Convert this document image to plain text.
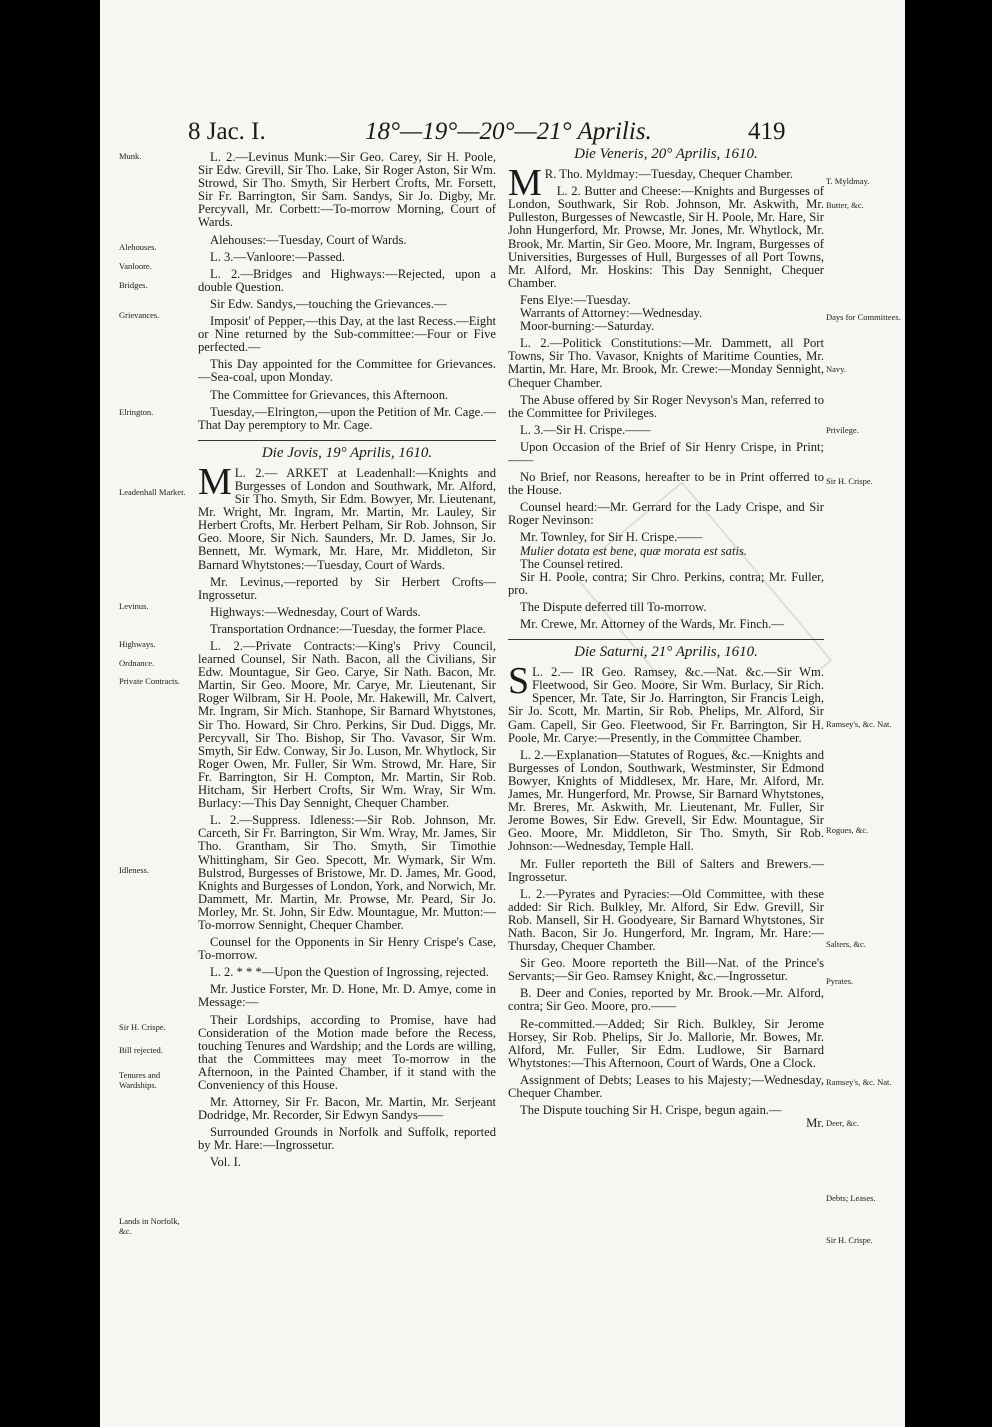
8 Jac. I.	18°—19°—20°—21° Aprilis.	419
Munk.
Alehouses.
Vanloore.
Bridges.
Grievances.
Elrington.
Leadenhall Market.
Levinus.
Highways.
Ordnance.
Private Contracts.
Idleness.
Sir H. Crispe.
Bill rejected.
Tenures and Wardships.
Lands in Norfolk, &c.
T. Myldmay.
Butter, &c.
Days for Committees.
Navy.
Privilege.
Sir H. Crispe.
Ramsey's, &c. Nat.
Rogues, &c.
Salters, &c.
Pyrates.
Ramsey's, &c. Nat.
Deer, &c.
Debts; Leases.
Sir H. Crispe.

L. 2.—Levinus Munk:—Sir Geo. Carey, Sir H. Poole, Sir Edw. Grevill, Sir Tho. Lake, Sir Roger Aston, Sir Wm. Strowd, Sir Tho. Smyth, Sir Herbert Crofts, Mr. Forsett, Sir Fr. Barrington, Sir Sam. Sandys, Sir Jo. Digby, Mr. Percyvall, Mr. Corbett:—To-morrow Morning, Court of Wards.

Alehouses:—Tuesday, Court of Wards.

L. 3.—Vanloore:—Passed.

L. 2.—Bridges and Highways:—Rejected, upon a double Question.

Sir Edw. Sandys,—touching the Grievances.—

Imposit' of Pepper,—this Day, at the last Recess.—Eight or Nine returned by the Sub-committee:—Four or Five perfected.—

This Day appointed for the Committee for Grievances.—Sea-coal, upon Monday.

The Committee for Grievances, this Afternoon.

Tuesday,—Elrington,—upon the Petition of Mr. Cage.—That Day peremptory to Mr. Cage.

Die Jovis, 19° Aprilis, 1610.

M L. 2.— ARKET at Leadenhall:—Knights and Burgesses of London and Southwark, Mr. Alford, Sir Tho. Smyth, Sir Edm. Bowyer, Mr. Lieutenant, Mr. Wright, Mr. Ingram, Mr. Martin, Mr. Lauley, Sir Herbert Crofts, Mr. Herbert Pelham, Sir Rob. Johnson, Sir Geo. Moore, Sir Nich. Saunders, Mr. D. James, Sir Jo. Bennett, Mr. Wymark, Mr. Hare, Mr. Middleton, Sir Barnard Whytstones:—Tuesday, Court of Wards.

Mr. Levinus,—reported by Sir Herbert Crofts—Ingrossetur.

Highways:—Wednesday, Court of Wards.

Transportation Ordnance:—Tuesday, the former Place.

L. 2.—Private Contracts:—King's Privy Council, learned Counsel, Sir Nath. Bacon, all the Civilians, Sir Edw. Mountague, Sir Geo. Carye, Sir Nath. Bacon, Mr. Martin, Sir Geo. Moore, Mr. Carye, Mr. Lieutenant, Sir Roger Wilbram, Sir H. Poole, Mr. Hakewill, Mr. Calvert, Mr. Ingram, Sir Mich. Stanhope, Sir Barnard Whytstones, Sir Tho. Howard, Sir Chro. Perkins, Sir Dud. Diggs, Mr. Percyvall, Sir Tho. Bishop, Sir Tho. Vavasor, Sir Wm. Smyth, Sir Edw. Conway, Sir Jo. Luson, Mr. Whytlock, Sir Roger Owen, Mr. Fuller, Sir Wm. Strowd, Mr. Hare, Sir Fr. Barrington, Sir H. Compton, Mr. Martin, Sir Rob. Hitcham, Sir Herbert Crofts, Sir Wm. Wray, Sir Wm. Burlacy:—This Day Sennight, Chequer Chamber.

L. 2.—Suppress. Idleness:—Sir Rob. Johnson, Mr. Carceth, Sir Fr. Barrington, Sir Wm. Wray, Mr. James, Sir Tho. Grantham, Sir Tho. Smyth, Sir Timothie Whittingham, Sir Geo. Specott, Mr. Wymark, Sir Wm. Bulstrod, Burgesses of Bristowe, Mr. D. James, Mr. Good, Knights and Burgesses of London, York, and Norwich, Mr. Dammett, Mr. Martin, Mr. Prowse, Mr. Peard, Sir Jo. Morley, Mr. St. John, Sir Edw. Mountague, Mr. Mutton:—To-morrow Sennight, Chequer Chamber.

Counsel for the Opponents in Sir Henry Crispe's Case, To-morrow.

L. 2. * * *—Upon the Question of Ingrossing, rejected.

Mr. Justice Forster, Mr. D. Hone, Mr. D. Amye, come in Message:—

Their Lordships, according to Promise, have had Consideration of the Motion made before the Recess, touching Tenures and Wardship; and the Lords are willing, that the Committees may meet To-morrow in the Afternoon, in the Painted Chamber, if it stand with the Conveniency of this House.

Mr. Attorney, Sir Fr. Bacon, Mr. Martin, Mr. Serjeant Dodridge, Mr. Recorder, Sir Edwyn Sandys——

Surrounded Grounds in Norfolk and Suffolk, reported by Mr. Hare:—Ingrossetur.

Vol. I.
Die Veneris, 20° Aprilis, 1610.

M R. Tho. Myldmay:—Tuesday, Chequer Chamber.

L. 2. Butter and Cheese:—Knights and Burgesses of London, Southwark, Sir Rob. Johnson, Mr. Askwith, Mr. Pulleston, Burgesses of Newcastle, Sir H. Poole, Mr. Hare, Sir John Hungerford, Mr. Prowse, Mr. Jones, Mr. Whytlock, Mr. Brook, Mr. Martin, Sir Geo. Moore, Mr. Ingram, Burgesses of Universities, Burgesses of Hull, Burgesses of all Port Towns, Mr. Alford, Mr. Hoskins: This Day Sennight, Chequer Chamber.

Fens Elye:—Tuesday.

Warrants of Attorney:—Wednesday.

Moor-burning:—Saturday.

L. 2.—Politick Constitutions:—Mr. Dammett, all Port Towns, Sir Tho. Vavasor, Knights of Maritime Counties, Mr. Martin, Mr. Hare, Mr. Brook, Mr. Crewe:—Monday Sennight, Chequer Chamber.

The Abuse offered by Sir Roger Nevyson's Man, referred to the Committee for Privileges.

L. 3.—Sir H. Crispe.——

Upon Occasion of the Brief of Sir Henry Crispe, in Print;——

No Brief, nor Reasons, hereafter to be in Print offerred to the House.

Counsel heard:—Mr. Gerrard for the Lady Crispe, and Sir Roger Nevinson:

Mr. Townley, for Sir H. Crispe.——

Mulier dotata est bene, quæ morata est satis.

The Counsel retired.

Sir H. Poole, contra; Sir Chro. Perkins, contra; Mr. Fuller, pro.

The Dispute deferred till To-morrow.

Mr. Crewe, Mr. Attorney of the Wards, Mr. Finch.—

Die Saturni, 21° Aprilis, 1610.

S L. 2.— IR Geo. Ramsey, &c.—Nat. &c.—Sir Wm. Fleetwood, Sir Geo. Moore, Sir Wm. Burlacy, Sir Rich. Spencer, Mr. Tate, Sir Jo. Harrington, Sir Francis Leigh, Sir Jo. Scott, Mr. Martin, Sir Rob. Phelips, Mr. Alford, Sir Gam. Capell, Sir Geo. Fleetwood, Sir Fr. Barrington, Sir H. Poole, Mr. Carye:—Presently, in the Committee Chamber.

L. 2.—Explanation—Statutes of Rogues, &c.—Knights and Burgesses of London, Southwark, Westminster, Sir Edmond Bowyer, Knights of Middlesex, Mr. Hare, Mr. Alford, Mr. James, Mr. Hungerford, Mr. Prowse, Sir Barnard Whytstones, Mr. Breres, Mr. Askwith, Mr. Lieutenant, Mr. Fuller, Sir Jerome Bowes, Sir Edw. Grevell, Sir Edw. Mountague, Sir Geo. Moore, Mr. Middleton, Sir Tho. Smyth, Sir Rob. Johnson:—Wednesday, Temple Hall.

Mr. Fuller reporteth the Bill of Salters and Brewers.—Ingrossetur.

L. 2.—Pyrates and Pyracies:—Old Committee, with these added: Sir Rich. Bulkley, Mr. Alford, Sir Edw. Grevill, Sir Rob. Mansell, Sir H. Goodyeare, Sir Barnard Whytstones, Sir Nath. Bacon, Sir Jo. Hungerford, Mr. Ingram, Mr. Hare:—Thursday, Chequer Chamber.

Sir Geo. Moore reporteth the Bill—Nat. of the Prince's Servants;—Sir Geo. Ramsey Knight, &c.—Ingrossetur.

B. Deer and Conies, reported by Mr. Brook.—Mr. Alford, contra; Sir Geo. Moore, pro.——

Re-committed.—Added; Sir Rich. Bulkley, Sir Jerome Horsey, Sir Rob. Phelips, Sir Jo. Mallorie, Mr. Bowes, Mr. Alford, Mr. Fuller, Sir Edm. Ludlowe, Sir Barnard Whytstones:—This Afternoon, Court of Wards, One a Clock.

Assignment of Debts; Leases to his Majesty;—Wednesday, Chequer Chamber.

The Dispute touching Sir H. Crispe, begun again.—

Mr.
